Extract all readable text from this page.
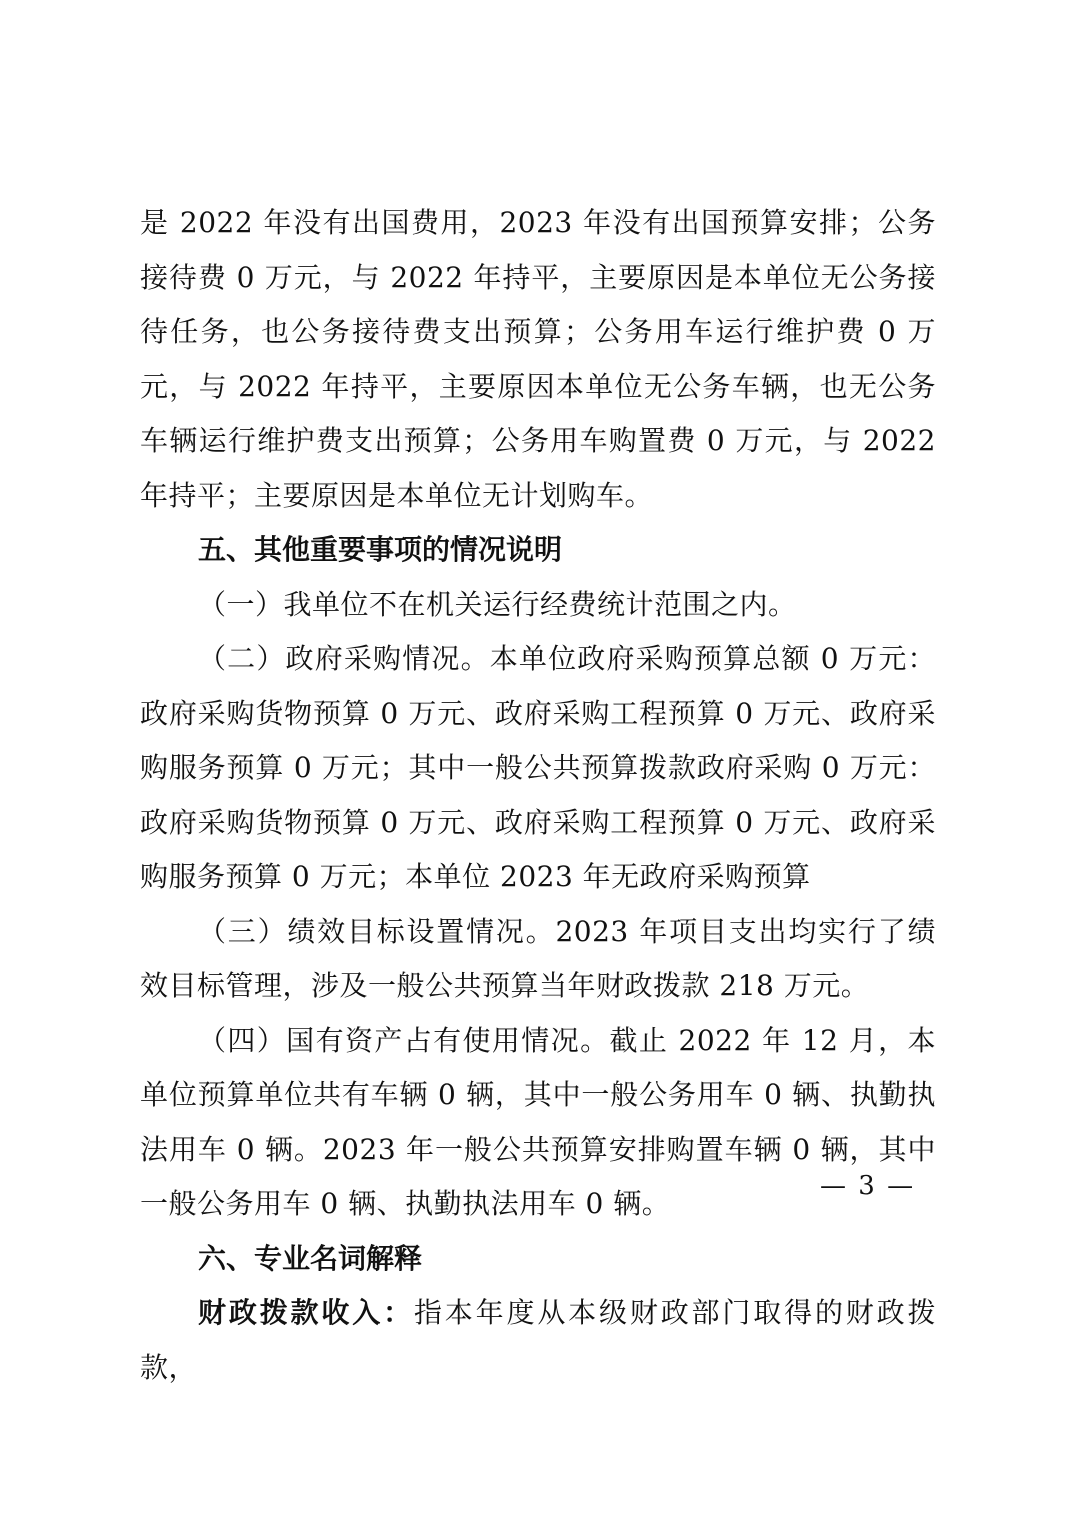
是 2022 年没有出国费用，2023 年没有出国预算安排；公务接待费 0 万元，与 2022 年持平，主要原因是本单位无公务接待任务，也公务接待费支出预算；公务用车运行维护费 0 万元，与 2022 年持平，主要原因本单位无公务车辆，也无公务车辆运行维护费支出预算；公务用车购置费 0 万元，与 2022 年持平；主要原因是本单位无计划购车。

五、其他重要事项的情况说明

（一）我单位不在机关运行经费统计范围之内。

（二）政府采购情况。本单位政府采购预算总额 0 万元：政府采购货物预算 0 万元、政府采购工程预算 0 万元、政府采购服务预算 0 万元；其中一般公共预算拨款政府采购 0 万元：政府采购货物预算 0 万元、政府采购工程预算 0 万元、政府采购服务预算 0 万元；本单位 2023 年无政府采购预算

（三）绩效目标设置情况。2023 年项目支出均实行了绩效目标管理，涉及一般公共预算当年财政拨款 218 万元。

（四）国有资产占有使用情况。截止 2022 年 12 月，本单位预算单位共有车辆 0 辆，其中一般公务用车 0 辆、执勤执法用车 0 辆。2023 年一般公共预算安排购置车辆 0 辆，其中一般公务用车 0 辆、执勤执法用车 0 辆。

六、专业名词解释

财政拨款收入：指本年度从本级财政部门取得的财政拨款，

— 3 —
